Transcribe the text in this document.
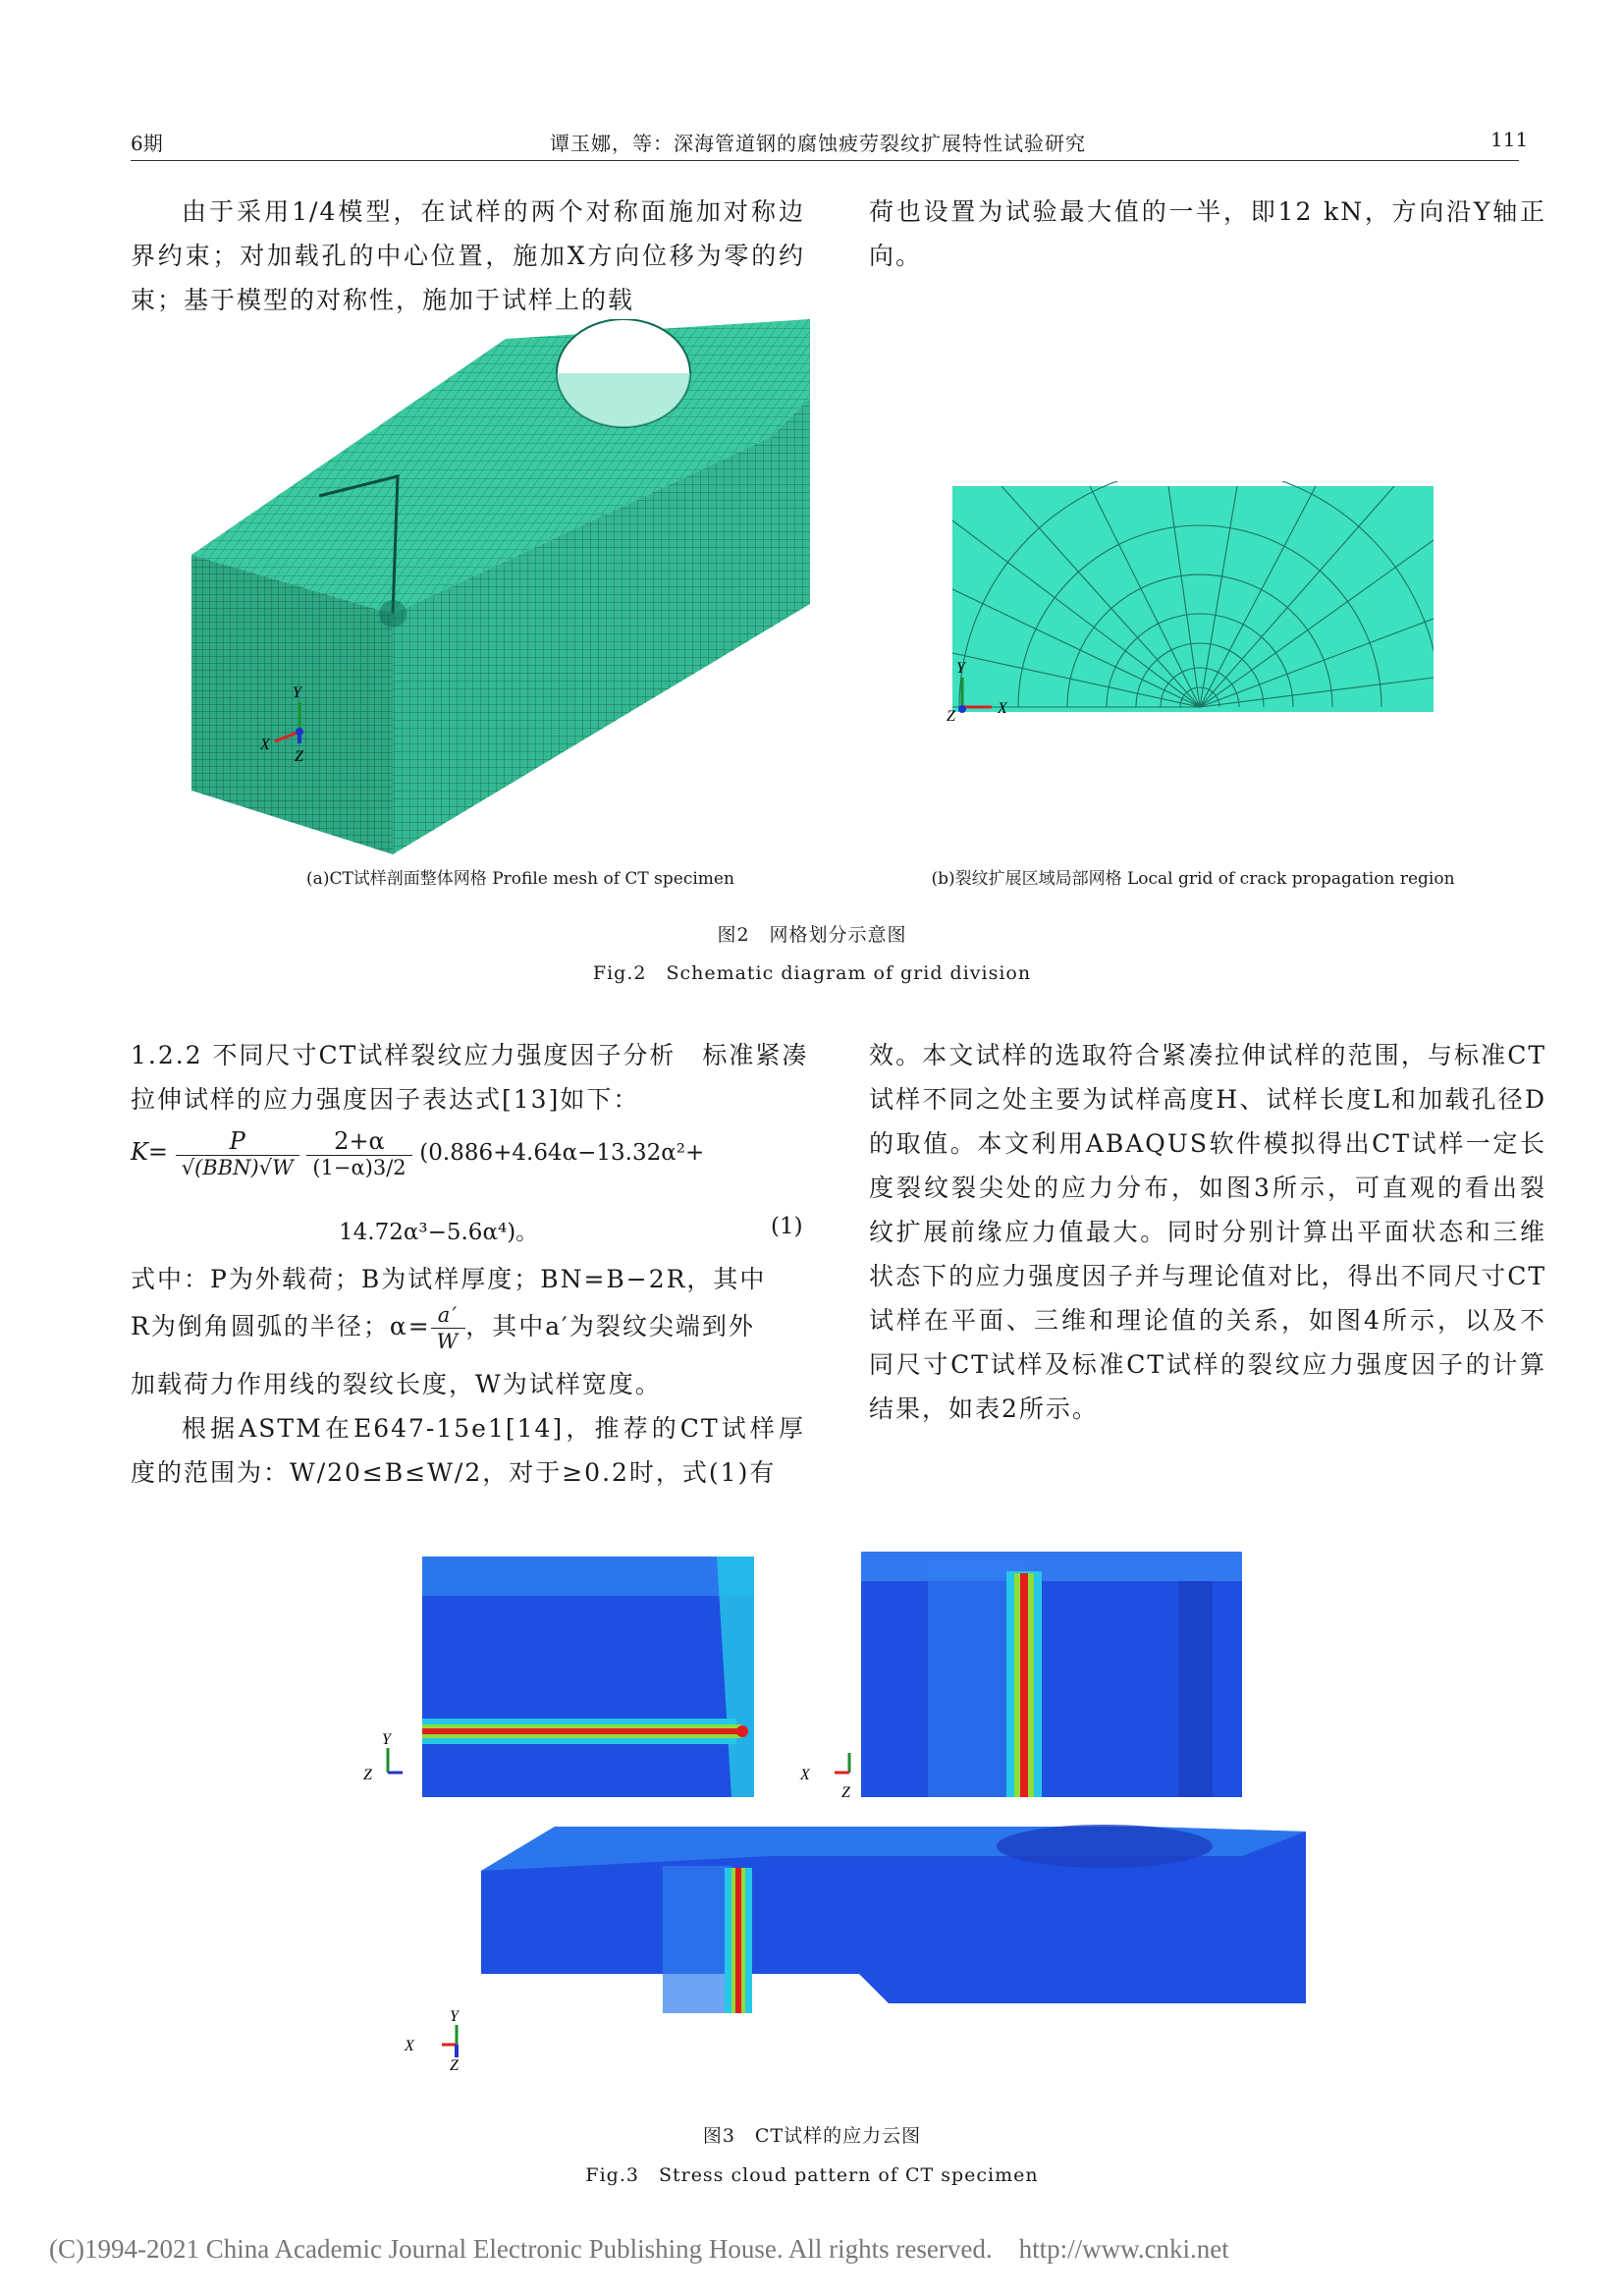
6期	谭玉娜，等：深海管道钢的腐蚀疲劳裂纹扩展特性试验研究	111

由于采用1/4模型，在试样的两个对称面施加对称边界约束；对加载孔的中心位置，施加X方向位移为零的约束；基于模型的对称性，施加于试样上的载

荷也设置为试验最大值的一半，即12 kN，方向沿Y轴正向。

Y
X
Z
Y
X
Z
(a)CT试样剖面整体网格 Profile mesh of CT specimen	(b)裂纹扩展区域局部网格 Local grid of crack propagation region
图2　网格划分示意图
Fig.2　Schematic diagram of grid division
1.2.2 不同尺寸CT试样裂纹应力强度因子分析　 标准紧凑拉伸试样的应力强度因子表达式[13]如下：
$K= \frac{P}{\text{√(BBN)√W}}$
$\frac{2+\alpha}{(1-\alpha)3/2} (0.886+4.64\alpha-13.32\alpha^2+$
14.72α³−5.6α⁴)。	(1)
式中：P为外载荷；B为试样厚度；BN=B−2R，其中
R为倒角圆弧的半径；$\alpha= \frac{a'}{W}$ ，其中a′为裂纹尖端到外
加载荷力作用线的裂纹长度，W为试样宽度。

根据ASTM在E647-15e1[14]，推荐的CT试样厚度的范围为：W/20≤B≤W/2，对于≥0.2时，式(1)有

效。本文试样的选取符合紧凑拉伸试样的范围，与标准CT试样不同之处主要为试样高度H、试样长度L和加载孔径D的取值。本文利用ABAQUS软件模拟得出CT试样一定长度裂纹裂尖处的应力分布，如图3所示，可直观的看出裂纹扩展前缘应力值最大。同时分别计算出平面状态和三维状态下的应力强度因子并与理论值对比，得出不同尺寸CT试样在平面、三维和理论值的关系，如图4所示，以及不同尺寸CT试样及标准CT试样的裂纹应力强度因子的计算结果，如表2所示。

Y
Z	X
Z
Y
X
Z
图3　CT试样的应力云图
Fig.3　Stress cloud pattern of CT specimen
(C)1994-2021 China Academic Journal Electronic Publishing House. All rights reserved.　http://www.cnki.net
